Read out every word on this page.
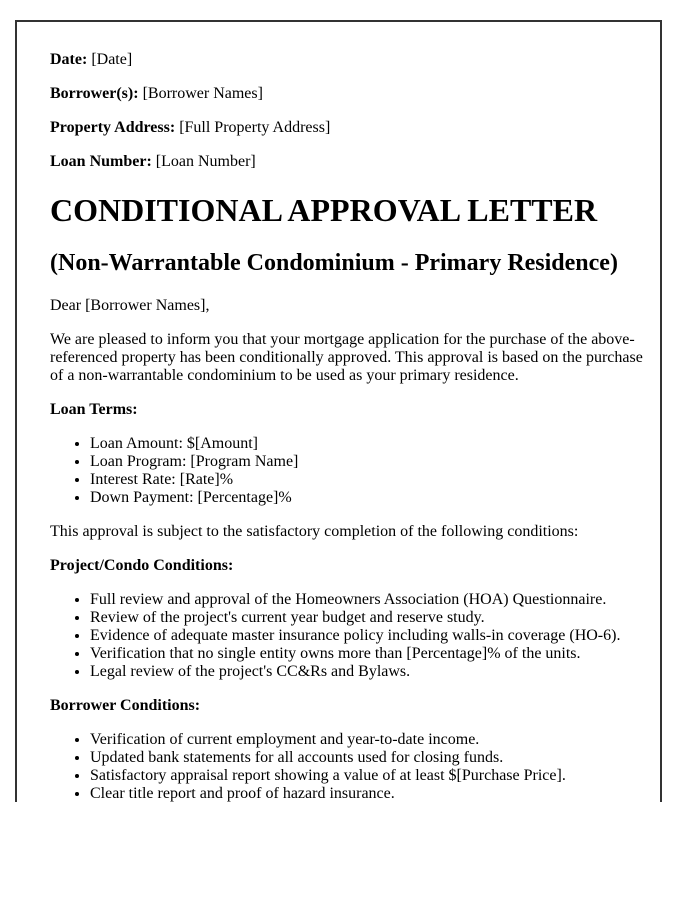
Date: [Date]

Borrower(s): [Borrower Names]

Property Address: [Full Property Address]

Loan Number: [Loan Number]

CONDITIONAL APPROVAL LETTER
(Non-Warrantable Condominium - Primary Residence)

Dear [Borrower Names],

We are pleased to inform you that your mortgage application for the purchase of the above-referenced property has been conditionally approved. This approval is based on the purchase of a non-warrantable condominium to be used as your primary residence.

Loan Terms:

• Loan Amount: $[Amount]
• Loan Program: [Program Name]
• Interest Rate: [Rate]%
• Down Payment: [Percentage]%

This approval is subject to the satisfactory completion of the following conditions:

Project/Condo Conditions:

• Full review and approval of the Homeowners Association (HOA) Questionnaire.
• Review of the project's current year budget and reserve study.
• Evidence of adequate master insurance policy including walls-in coverage (HO-6).
• Verification that no single entity owns more than [Percentage]% of the units.
• Legal review of the project's CC&Rs and Bylaws.

Borrower Conditions:

• Verification of current employment and year-to-date income.
• Updated bank statements for all accounts used for closing funds.
• Satisfactory appraisal report showing a value of at least $[Purchase Price].
• Clear title report and proof of hazard insurance.
